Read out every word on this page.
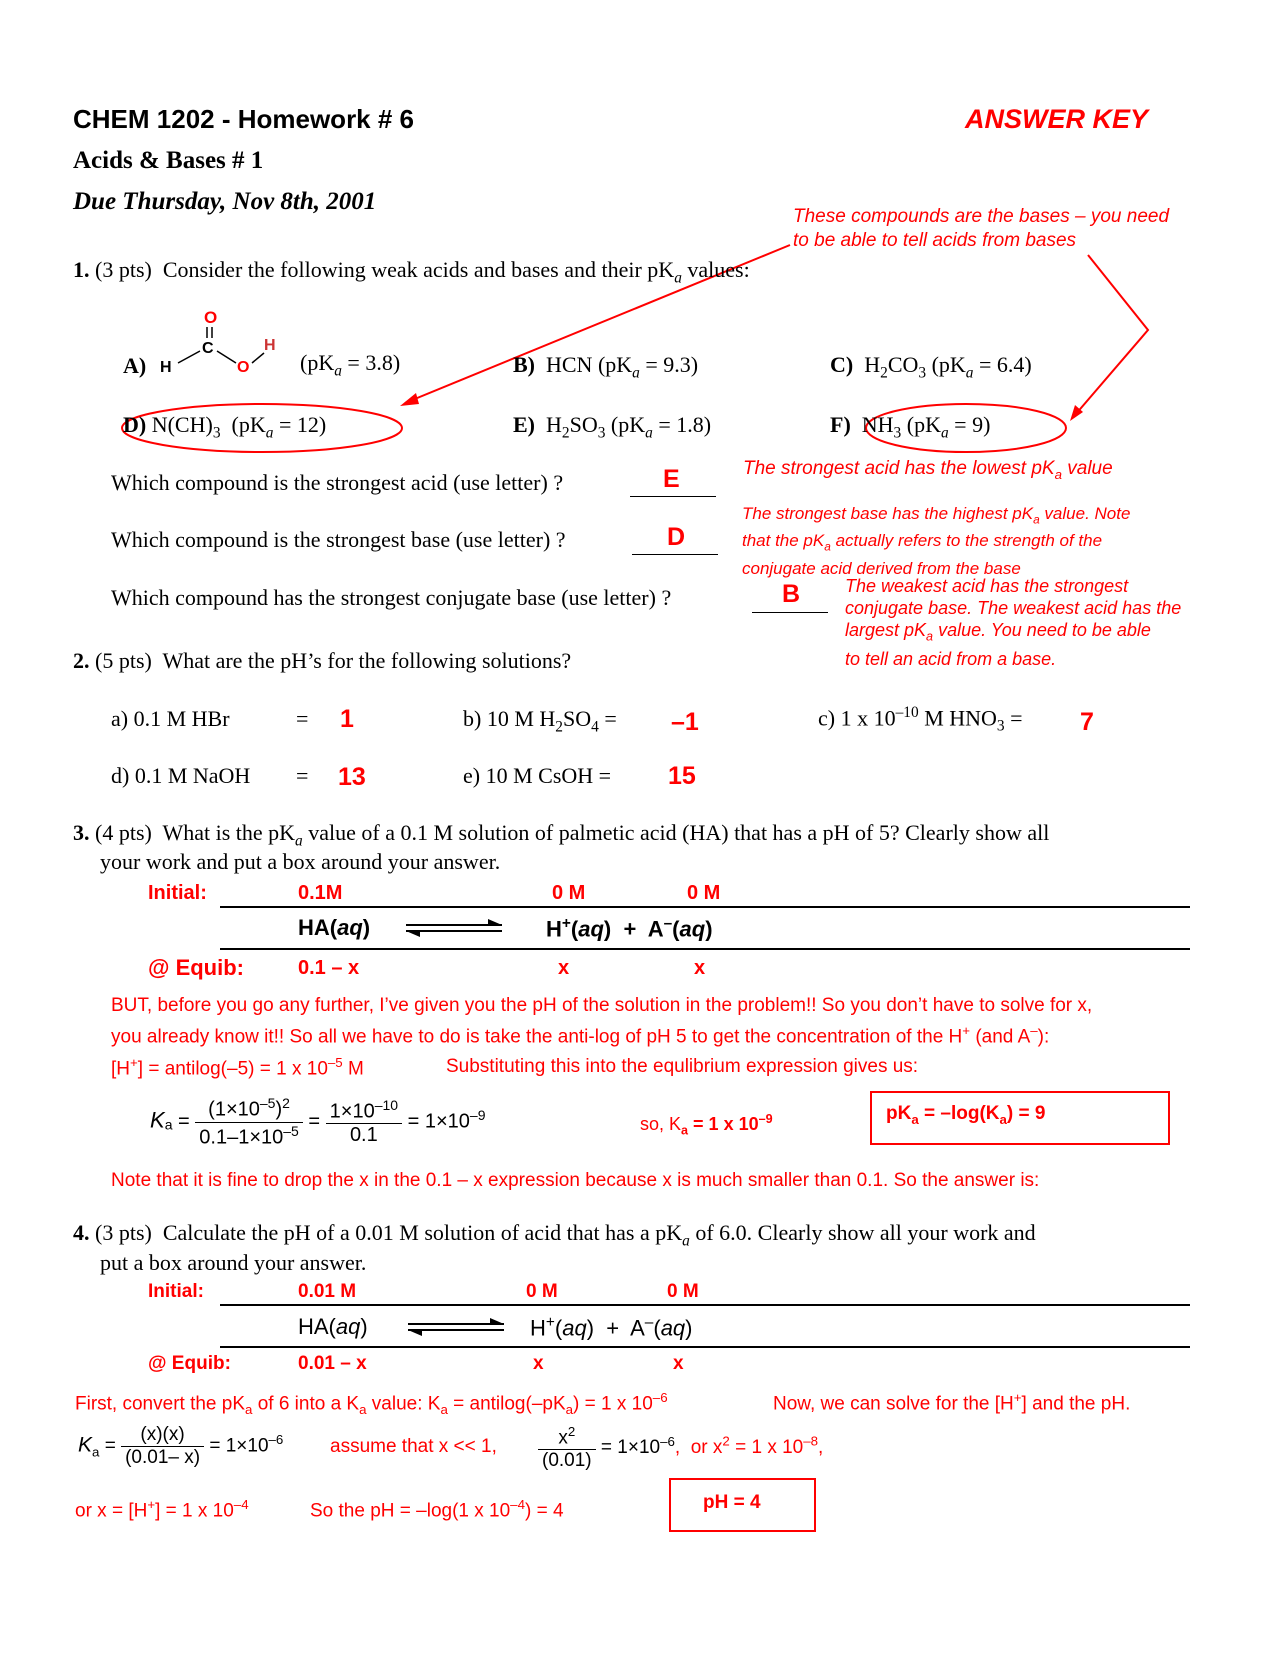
CHEM 1202 - Homework # 6	ANSWER KEY
Acids & Bases # 1
Due Thursday, Nov 8th, 2001
These compounds are the bases – you need
to be able to tell acids from bases
1. (3 pts) Consider the following weak acids and bases and their $pK_a$ values:
O
C
H	O
H
A)	$(pK_a = 3.8)$	B) HCN $(pK_a = 9.3)$	C) $H_2CO_3$ $(pK_a = 6.4)$
D) $N(CH)_3$  $(pK_a = 12)$	E) $H_2SO_3$ $(pK_a = 1.8)$	F) $NH_3$ $(pK_a = 9)$
Which compound is the strongest acid (use letter) ?	E
Which compound is the strongest base (use letter) ?	D
Which compound has the strongest conjugate base (use letter) ?	B
The strongest acid has the lowest $pK_a$ value
The strongest base has the highest $pK_a$ value. Note
that the $pK_a$ actually refers to the strength of the
conjugate acid derived from the base
The weakest acid has the strongest
conjugate base. The weakest acid has the
largest $pK_a$ value. You need to be able
to tell an acid from a base.
2. (5 pts) What are the pH’s for the following solutions?
a) 0.1 M HBr	= 1	b) 10 M $H_2SO_4 = -1$	c) 1 x $10^{-10}$ M $HNO_3 = 7$
d) 0.1 M NaOH = 13	e) 10 M CsOH = 15
3. (4 pts) What is the $pK_a$ value of a 0.1 M solution of palmetic acid (HA) that has a pH of 5? Clearly show all
your work and put a box around your answer.
Initial:	0.1M	0 M	0 M
HA(aq)	H+(aq)  +  A–(aq)
@ Equib:	0.1 – x	x	x
BUT, before you go any further, I’ve given you the pH of the solution in the problem!! So you don’t have to solve for x,
you already know it!! So all we have to do is take the anti-log of pH 5 to get the concentration of the H+ (and A–):
[H+] = antilog(–5) = 1 x $10^{-5}$ M	Substituting this into the equlibrium expression gives us:
$K_a = \frac{(1\times 10^{-5})^2}{0.1-1\times 10^{-5}} = \frac{1\times 10^{-10}}{0.1} = 1\times 10^{-9}$	so, $K_a = 1$ x $10^{-9}$	$pK_a = -\log(K_a) = 9$
Note that it is fine to drop the x in the 0.1 – x expression because x is much smaller than 0.1. So the answer is:
4. (3 pts) Calculate the pH of a 0.01 M solution of acid that has a $pK_a$ of 6.0. Clearly show all your work and
put a box around your answer.
Initial:	0.01 M	0 M	0 M
HA(aq)	H+(aq)  +  A–(aq)
@ Equib:	0.01 – x	x	x
First, convert the $pK_a$ of 6 into a $K_a$ value: $K_a$ = $antilog(-pK_a) = 1$ x $10^{-6}$	Now, we can solve for the [H+] and the pH.
$K_a = \frac{(x)(x)}{(0.01- x)} = 1\times 10^{-6}$ assume that x << 1, $\frac{x^2}{(0.01)} = 1\times 10^{-6}$,  or $x^2 = 1$ x $10^{-8}$,
or x = [H+] = 1 x $10^{-4}$	So the pH = –log(1 x $10^{-4}) = 4$	pH = 4
